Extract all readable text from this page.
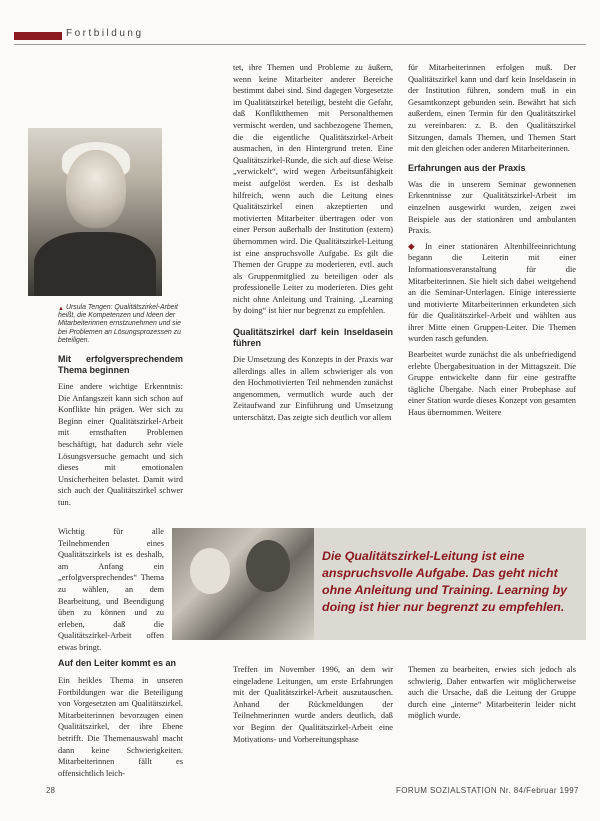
Fortbildung
▲ Ursula Tengen: Qualitätszirkel-Arbeit heißt, die Kompetenzen und Ideen der Mitarbeiterinnen ernstzunehmen und sie bei Problemen an Lösungsprozessen zu beteiligen.
Mit erfolgversprechendem Thema beginnen

Eine andere wichtige Erkenntnis: Die Anfangszeit kann sich schon auf Konflikte hin prägen. Wer sich zu Beginn einer Qualitätszirkel-Arbeit mit ernsthaften Problemen beschäftigt, hat dadurch sehr viele Lösungsversuche gemacht und sich dieses mit emotionalen Unsicherheiten belastet. Damit wird sich auch der Qualitätszirkel schwer tun.

Wichtig für alle Teilnehmenden eines Qualitätszirkels ist es deshalb, am Anfang ein „erfolgversprechendes“ Thema zu wählen, an dem Bearbeitung, und Beendigung üben zu können und zu erleben, daß die Qualitätszirkel-Arbeit offen etwas bringt.

tet, ihre Themen und Probleme zu äußern, wenn keine Mitarbeiter anderer Bereiche bestimmt dabei sind. Sind dagegen Vorgesetzte im Qualitätszirkel beteiligt, besteht die Gefahr, daß Konfliktthemen mit Personalthemen vermischt werden, und sachbezogene Themen, die die eigentliche Qualitätszirkel-Arbeit ausmachen, in den Hintergrund treten. Eine Qualitätszirkel-Runde, die sich auf diese Weise „verwickelt“, wird wegen Arbeitsunfähigkeit meist aufgelöst werden. Es ist deshalb hilfreich, wenn auch die Leitung eines Qualitätszirkel einen akzeptierten und motivierten Mitarbeiter übertragen oder von einer Person außerhalb der Institution (extern) übernommen wird. Die Qualitätszirkel-Leitung ist eine anspruchsvolle Aufgabe. Es gilt die Themen der Gruppe zu moderieren, evtl. auch als Gruppenmitglied zu beteiligen oder als professionelle Leiter zu moderieren. Dies geht nicht ohne Anleitung und Training. „Learning by doing“ ist hier nur begrenzt zu empfehlen.

Qualitätszirkel darf kein Inseldasein führen

Die Umsetzung des Konzepts in der Praxis war allerdings alles in allem schwieriger als von den Hochmotivierten Teil nehmenden zunächst angenommen, vermutlich wurde auch der Zeitaufwand zur Einführung und Umsetzung unterschätzt. Das zeigte sich deutlich vor allem

für Mitarbeiterinnen erfolgen muß. Der Qualitätszirkel kann und darf kein Inseldasein in der Institution führen, sondern muß in ein Gesamtkonzept gebunden sein. Bewährt hat sich außerdem, einen Termin für den Qualitätszirkel zu vereinbaren: z. B. den Qualitätszirkel Sitzungen, damals Themen, und Themen Start mit den gleichen oder anderen Mitarbeiterinnen.

Erfahrungen aus der Praxis

Was die in unserem Seminar gewonnenen Erkenntnisse zur Qualitätszirkel-Arbeit im einzelnen ausgewirkt wurden, zeigen zwei Beispiele aus der stationären und ambulanten Praxis.

◆ In einer stationären Altenhilfeeinrichtung begann die Leiterin mit einer Informationsveranstaltung für die Mitarbeiterinnen. Sie hielt sich dabei weitgehend an die Seminar-Unterlagen. Einige interessierte und motivierte Mitarbeiterinnen erkundeten sich für die Qualitätszirkel-Arbeit und wählten aus ihrer Mitte einen Gruppen-Leiter. Die Themen wurden rasch gefunden.

Bearbeitet wurde zunächst die als unbefriedigend erlebte Übergabesituation in der Mittagszeit. Die Gruppe entwickelte dann für eine gestraffte tägliche Übergabe. Nach einer Probephase auf einer Station wurde dieses Konzept von gesamten Haus übernommen. Weitere

Die Qualitätszirkel-Leitung ist eine anspruchsvolle Aufgabe. Das geht nicht ohne Anleitung und Training. Learning by doing ist hier nur begrenzt zu empfehlen.
Auf den Leiter kommt es an

Ein heikles Thema in unseren Fortbildungen war die Beteiligung von Vorgesetzten am Qualitätszirkel. Mitarbeiterinnen bevorzugen einen Qualitätszirkel, der ihre Ebene betrifft. Die Themenauswahl macht dann keine Schwierigkeiten. Mitarbeiterinnen fällt es offensichtlich leich-

Treffen im November 1996, an dem wir eingeladene Leitungen, um erste Erfahrungen mit der Qualitätszirkel-Arbeit auszutauschen. Anhand der Rückmeldungen der Teilnehmerinnen wurde anders deutlich, daß vor Beginn der Qualitätszirkel-Arbeit eine Motivations- und Vorbereitungsphase

Themen zu bearbeiten, erwies sich jedoch als schwierig. Daher entwarfen wir möglicherweise auch die Ursache, daß die Leitung der Gruppe durch eine „interne“ Mitarbeiterin leider nicht möglich wurde.

28	FORUM SOZIALSTATION Nr. 84/Februar 1997
